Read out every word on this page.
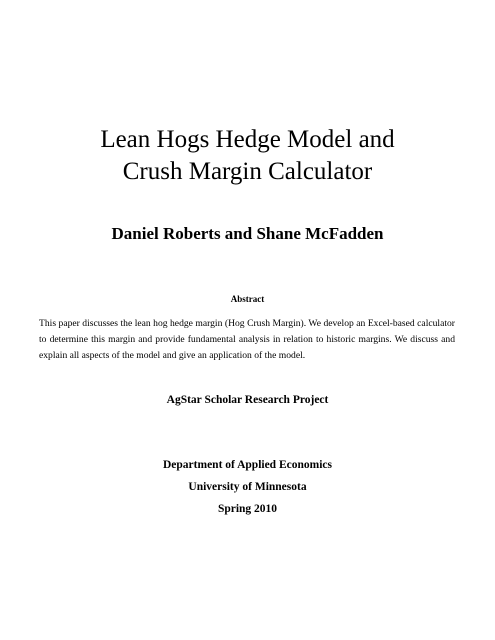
Lean Hogs Hedge Model and
Crush Margin Calculator
Daniel Roberts and Shane McFadden
Abstract

This paper discusses the lean hog hedge margin (Hog Crush Margin). We develop an Excel-based calculator to determine this margin and provide fundamental analysis in relation to historic margins. We discuss and explain all aspects of the model and give an application of the model.

AgStar Scholar Research Project
Department of Applied Economics
University of Minnesota
Spring 2010
